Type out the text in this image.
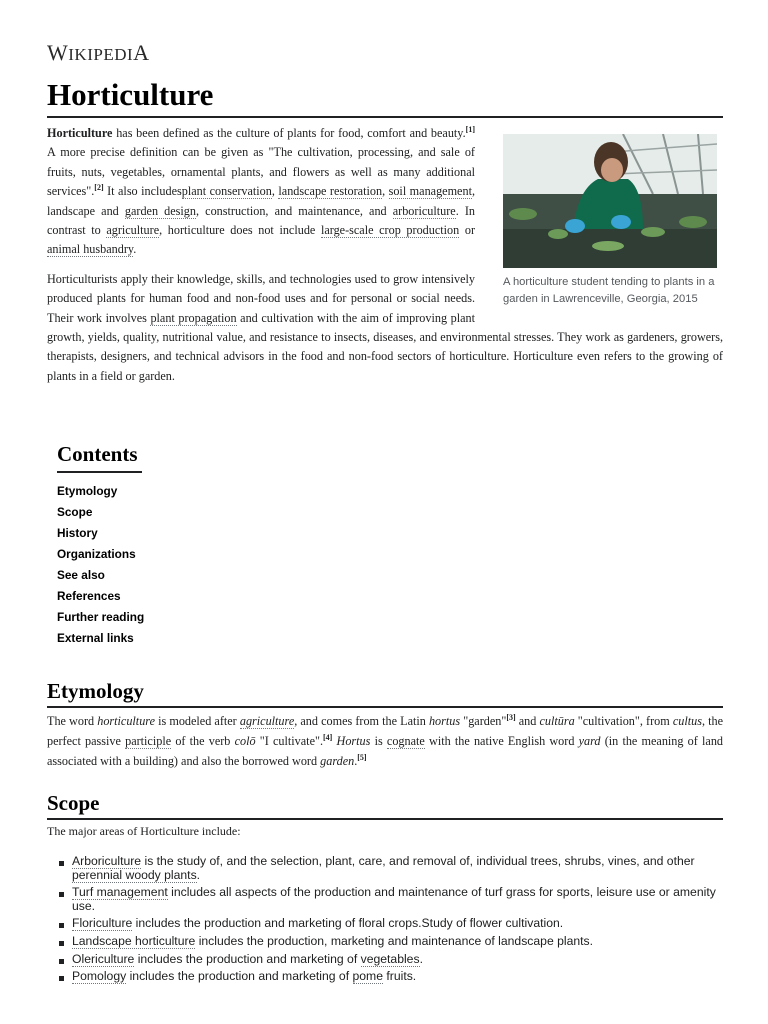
WIKIPEDIA
Horticulture
A horticulture student tending to plants in a garden in Lawrenceville, Georgia, 2015

Horticulture has been defined as the culture of plants for food, comfort and beauty.[1] A more precise definition can be given as "The cultivation, processing, and sale of fruits, nuts, vegetables, ornamental plants, and flowers as well as many additional services".[2] It also includesplant conservation, landscape restoration, soil management, landscape and garden design, construction, and maintenance, and arboriculture. In contrast to agriculture, horticulture does not include large-scale crop production or animal husbandry.

Horticulturists apply their knowledge, skills, and technologies used to grow intensively produced plants for human food and non-food uses and for personal or social needs. Their work involves plant propagation and cultivation with the aim of improving plant growth, yields, quality, nutritional value, and resistance to insects, diseases, and environmental stresses. They work as gardeners, growers, therapists, designers, and technical advisors in the food and non-food sectors of horticulture. Horticulture even refers to the growing of plants in a field or garden.

Contents
Etymology
Scope
History
Organizations
See also
References
Further reading
External links
Etymology

The word horticulture is modeled after agriculture, and comes from the Latin hortus "garden"[3] and cultūra "cultivation", from cultus, the perfect passive participle of the verb colō "I cultivate".[4] Hortus is cognate with the native English word yard (in the meaning of land associated with a building) and also the borrowed word garden.[5]

Scope

The major areas of Horticulture include:

Arboriculture is the study of, and the selection, plant, care, and removal of, individual trees, shrubs, vines, and other perennial woody plants.
Turf management includes all aspects of the production and maintenance of turf grass for sports, leisure use or amenity use.
Floriculture includes the production and marketing of floral crops.Study of flower cultivation.
Landscape horticulture includes the production, marketing and maintenance of landscape plants.
Olericulture includes the production and marketing of vegetables.
Pomology includes the production and marketing of pome fruits.
